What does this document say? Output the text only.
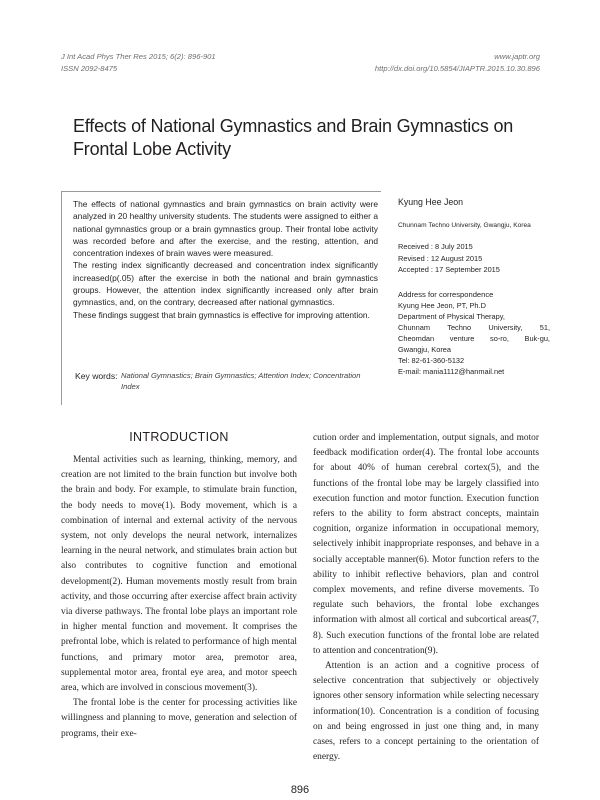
J Int Acad Phys Ther Res 2015; 6(2): 896-901
ISSN 2092-8475
www.japtr.org
http://dx.doi.org/10.5854/JIAPTR.2015.10.30.896
Effects of National Gymnastics and Brain Gymnastics on Frontal Lobe Activity

The effects of national gymnastics and brain gymnastics on brain activity were analyzed in 20 healthy university students. The students were assigned to either a national gymnastics group or a brain gymnastics group. Their frontal lobe activity was recorded before and after the exercise, and the resting, attention, and concentration indexes of brain waves were measured.

The resting index significantly decreased and concentration index significantly increased(p(.05) after the exercise in both the national and brain gymnastics groups. However, the attention index significantly increased only after brain gymnastics, and, on the contrary, decreased after national gymnastics.

These findings suggest that brain gymnastics is effective for improving attention.

Key words: National Gymnastics; Brain Gymnastics; Attention Index; Concentration Index
Kyung Hee Jeon
Chunnam Techno University, Gwangju, Korea
Received : 8 July 2015
Revised : 12 August 2015
Accepted : 17 September 2015
Address for correspondence
Kyung Hee Jeon, PT, Ph.D
Department of Physical Therapy,
Chunnam Techno University, 51,
Cheomdan venture so-ro, Buk-gu,
Gwangju, Korea
Tel: 82-61-360-5132
E-mail: mania1112@hanmail.net
INTRODUCTION

Mental activities such as learning, thinking, memory, and creation are not limited to the brain function but involve both the brain and body. For example, to stimulate brain function, the body needs to move(1). Body movement, which is a combination of internal and external activity of the nervous system, not only develops the neural network, internalizes learning in the neural network, and stimulates brain action but also contributes to cognitive function and emotional development(2). Human movements mostly result from brain activity, and those occurring after exercise affect brain activity via diverse pathways. The frontal lobe plays an important role in higher mental function and movement. It comprises the prefrontal lobe, which is related to performance of high mental functions, and primary motor area, premotor area, supplemental motor area, frontal eye area, and motor speech area, which are involved in conscious movement(3).

The frontal lobe is the center for processing activities like willingness and planning to move, generation and selection of programs, their exe-

cution order and implementation, output signals, and motor feedback modification order(4). The frontal lobe accounts for about 40% of human cerebral cortex(5), and the functions of the frontal lobe may be largely classified into execution function and motor function. Execution function refers to the ability to form abstract concepts, maintain cognition, organize information in occupational memory, selectively inhibit inappropriate responses, and behave in a socially acceptable manner(6). Motor function refers to the ability to inhibit reflective behaviors, plan and control complex movements, and refine diverse movements. To regulate such behaviors, the frontal lobe exchanges information with almost all cortical and subcortical areas(7, 8). Such execution functions of the frontal lobe are related to attention and concentration(9).

Attention is an action and a cognitive process of selective concentration that subjectively or objectively ignores other sensory information while selecting necessary information(10). Concentration is a condition of focusing on and being engrossed in just one thing and, in many cases, refers to a concept pertaining to the orientation of energy.

896
